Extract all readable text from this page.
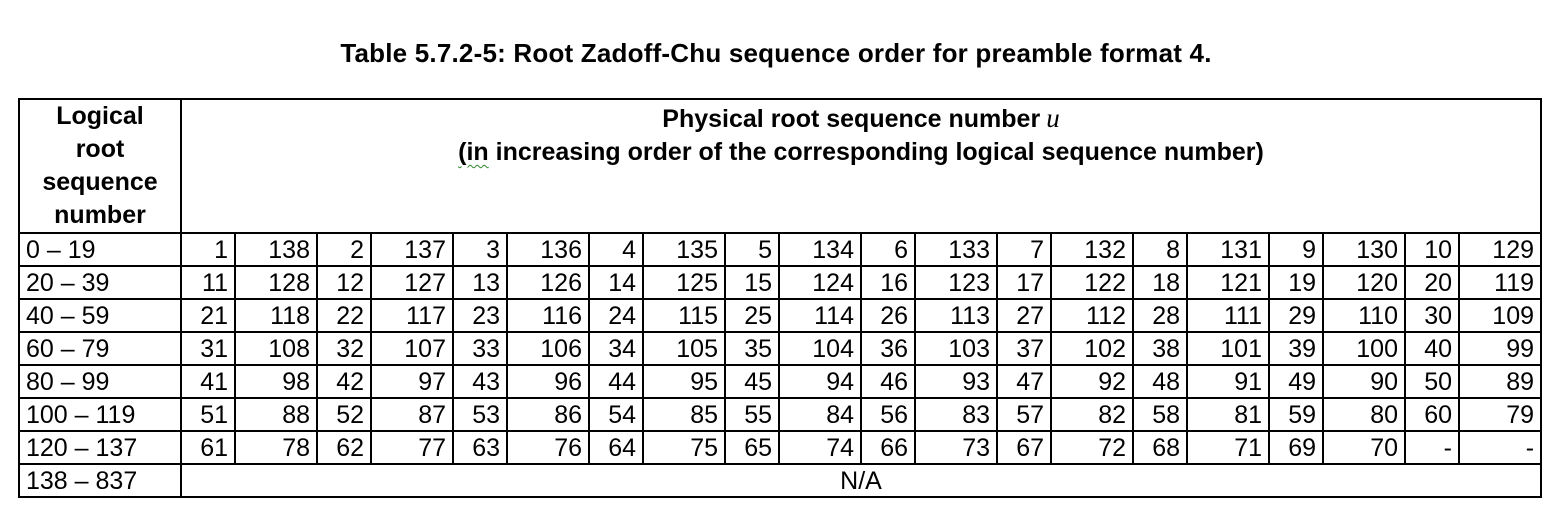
Table 5.7.2-5: Root Zadoff-Chu sequence order for preamble format 4.
Logical
root
sequence
number	Physical root sequence number u
(in increasing order of the corresponding logical sequence number)																			

0 – 19	1	138	2	137	3	136	4	135	5	134	6	133	7	132	8	131	9	130	10	129
20 – 39	11	128	12	127	13	126	14	125	15	124	16	123	17	122	18	121	19	120	20	119
40 – 59	21	118	22	117	23	116	24	115	25	114	26	113	27	112	28	111	29	110	30	109
60 – 79	31	108	32	107	33	106	34	105	35	104	36	103	37	102	38	101	39	100	40	99
80 – 99	41	98	42	97	43	96	44	95	45	94	46	93	47	92	48	91	49	90	50	89
100 – 119	51	88	52	87	53	86	54	85	55	84	56	83	57	82	58	81	59	80	60	79
120 – 137	61	78	62	77	63	76	64	75	65	74	66	73	67	72	68	71	69	70	-	-
138 – 837	N/A																			
